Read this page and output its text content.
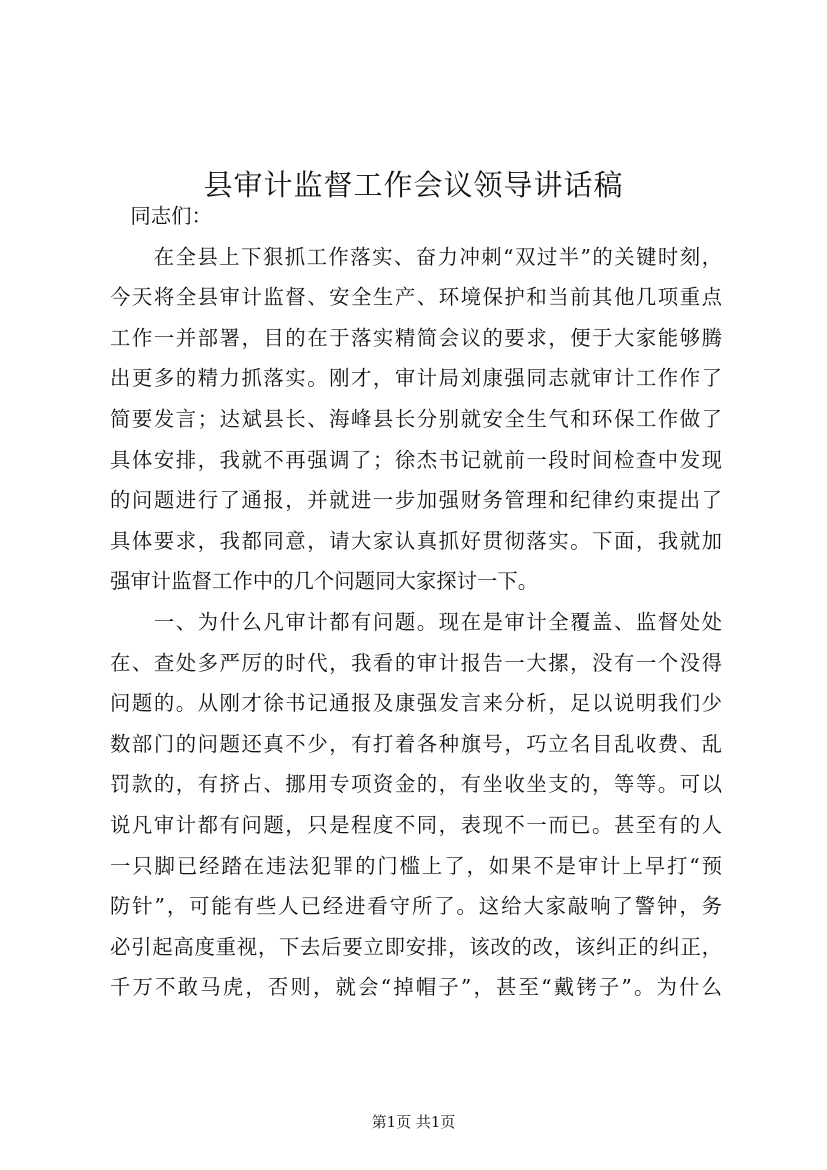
县审计监督工作会议领导讲话稿
　同志们：
　　在全县上下狠抓工作落实、奋力冲刺“双过半”的关键时刻，
今天将全县审计监督、安全生产、环境保护和当前其他几项重点
工作一并部署，目的在于落实精简会议的要求，便于大家能够腾
出更多的精力抓落实。刚才，审计局刘康强同志就审计工作作了
简要发言；达斌县长、海峰县长分别就安全生气和环保工作做了
具体安排，我就不再强调了；徐杰书记就前一段时间检查中发现
的问题进行了通报，并就进一步加强财务管理和纪律约束提出了
具体要求，我都同意，请大家认真抓好贯彻落实。下面，我就加
强审计监督工作中的几个问题同大家探讨一下。
　　一、为什么凡审计都有问题。现在是审计全覆盖、监督处处
在、查处多严厉的时代，我看的审计报告一大摞，没有一个没得
问题的。从刚才徐书记通报及康强发言来分析，足以说明我们少
数部门的问题还真不少，有打着各种旗号，巧立名目乱收费、乱
罚款的，有挤占、挪用专项资金的，有坐收坐支的，等等。可以
说凡审计都有问题，只是程度不同，表现不一而已。甚至有的人
一只脚已经踏在违法犯罪的门槛上了，如果不是审计上早打“预
防针”，可能有些人已经进看守所了。这给大家敲响了警钟，务
必引起高度重视，下去后要立即安排，该改的改，该纠正的纠正，
千万不敢马虎，否则，就会“掉帽子”，甚至“戴铐子”。为什么
第1页 共1页
